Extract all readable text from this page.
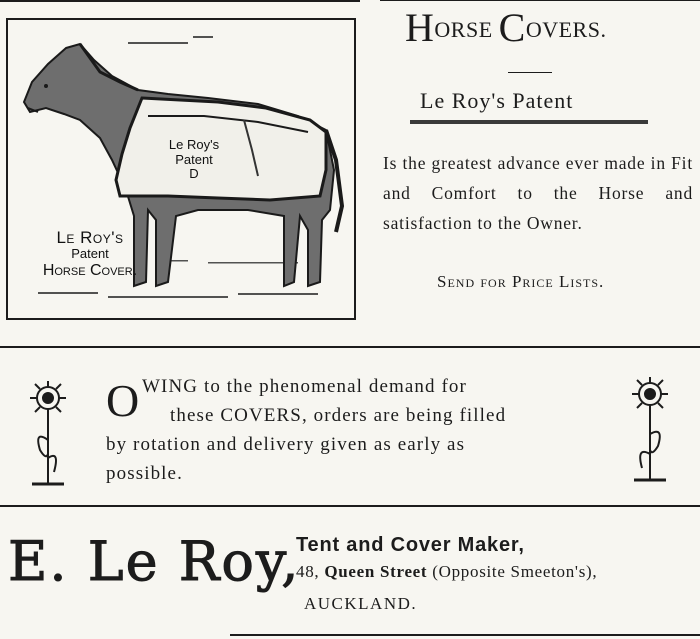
Le Roy's
Patent
D
Le Roy's
Patent
Horse Cover.
HORSE COVERS.
Le Roy's Patent
Is the greatest advance ever made in Fit and Comfort to the Horse and satisfaction to the Owner.
Send for Price Lists.
O WING to the phenomenal demand for
these COVERS, orders are being filled
by rotation and delivery given as early as
possible.
E. Le Roy,
Tent and Cover Maker,
48, Queen Street (Opposite Smeeton's),
AUCKLAND.
